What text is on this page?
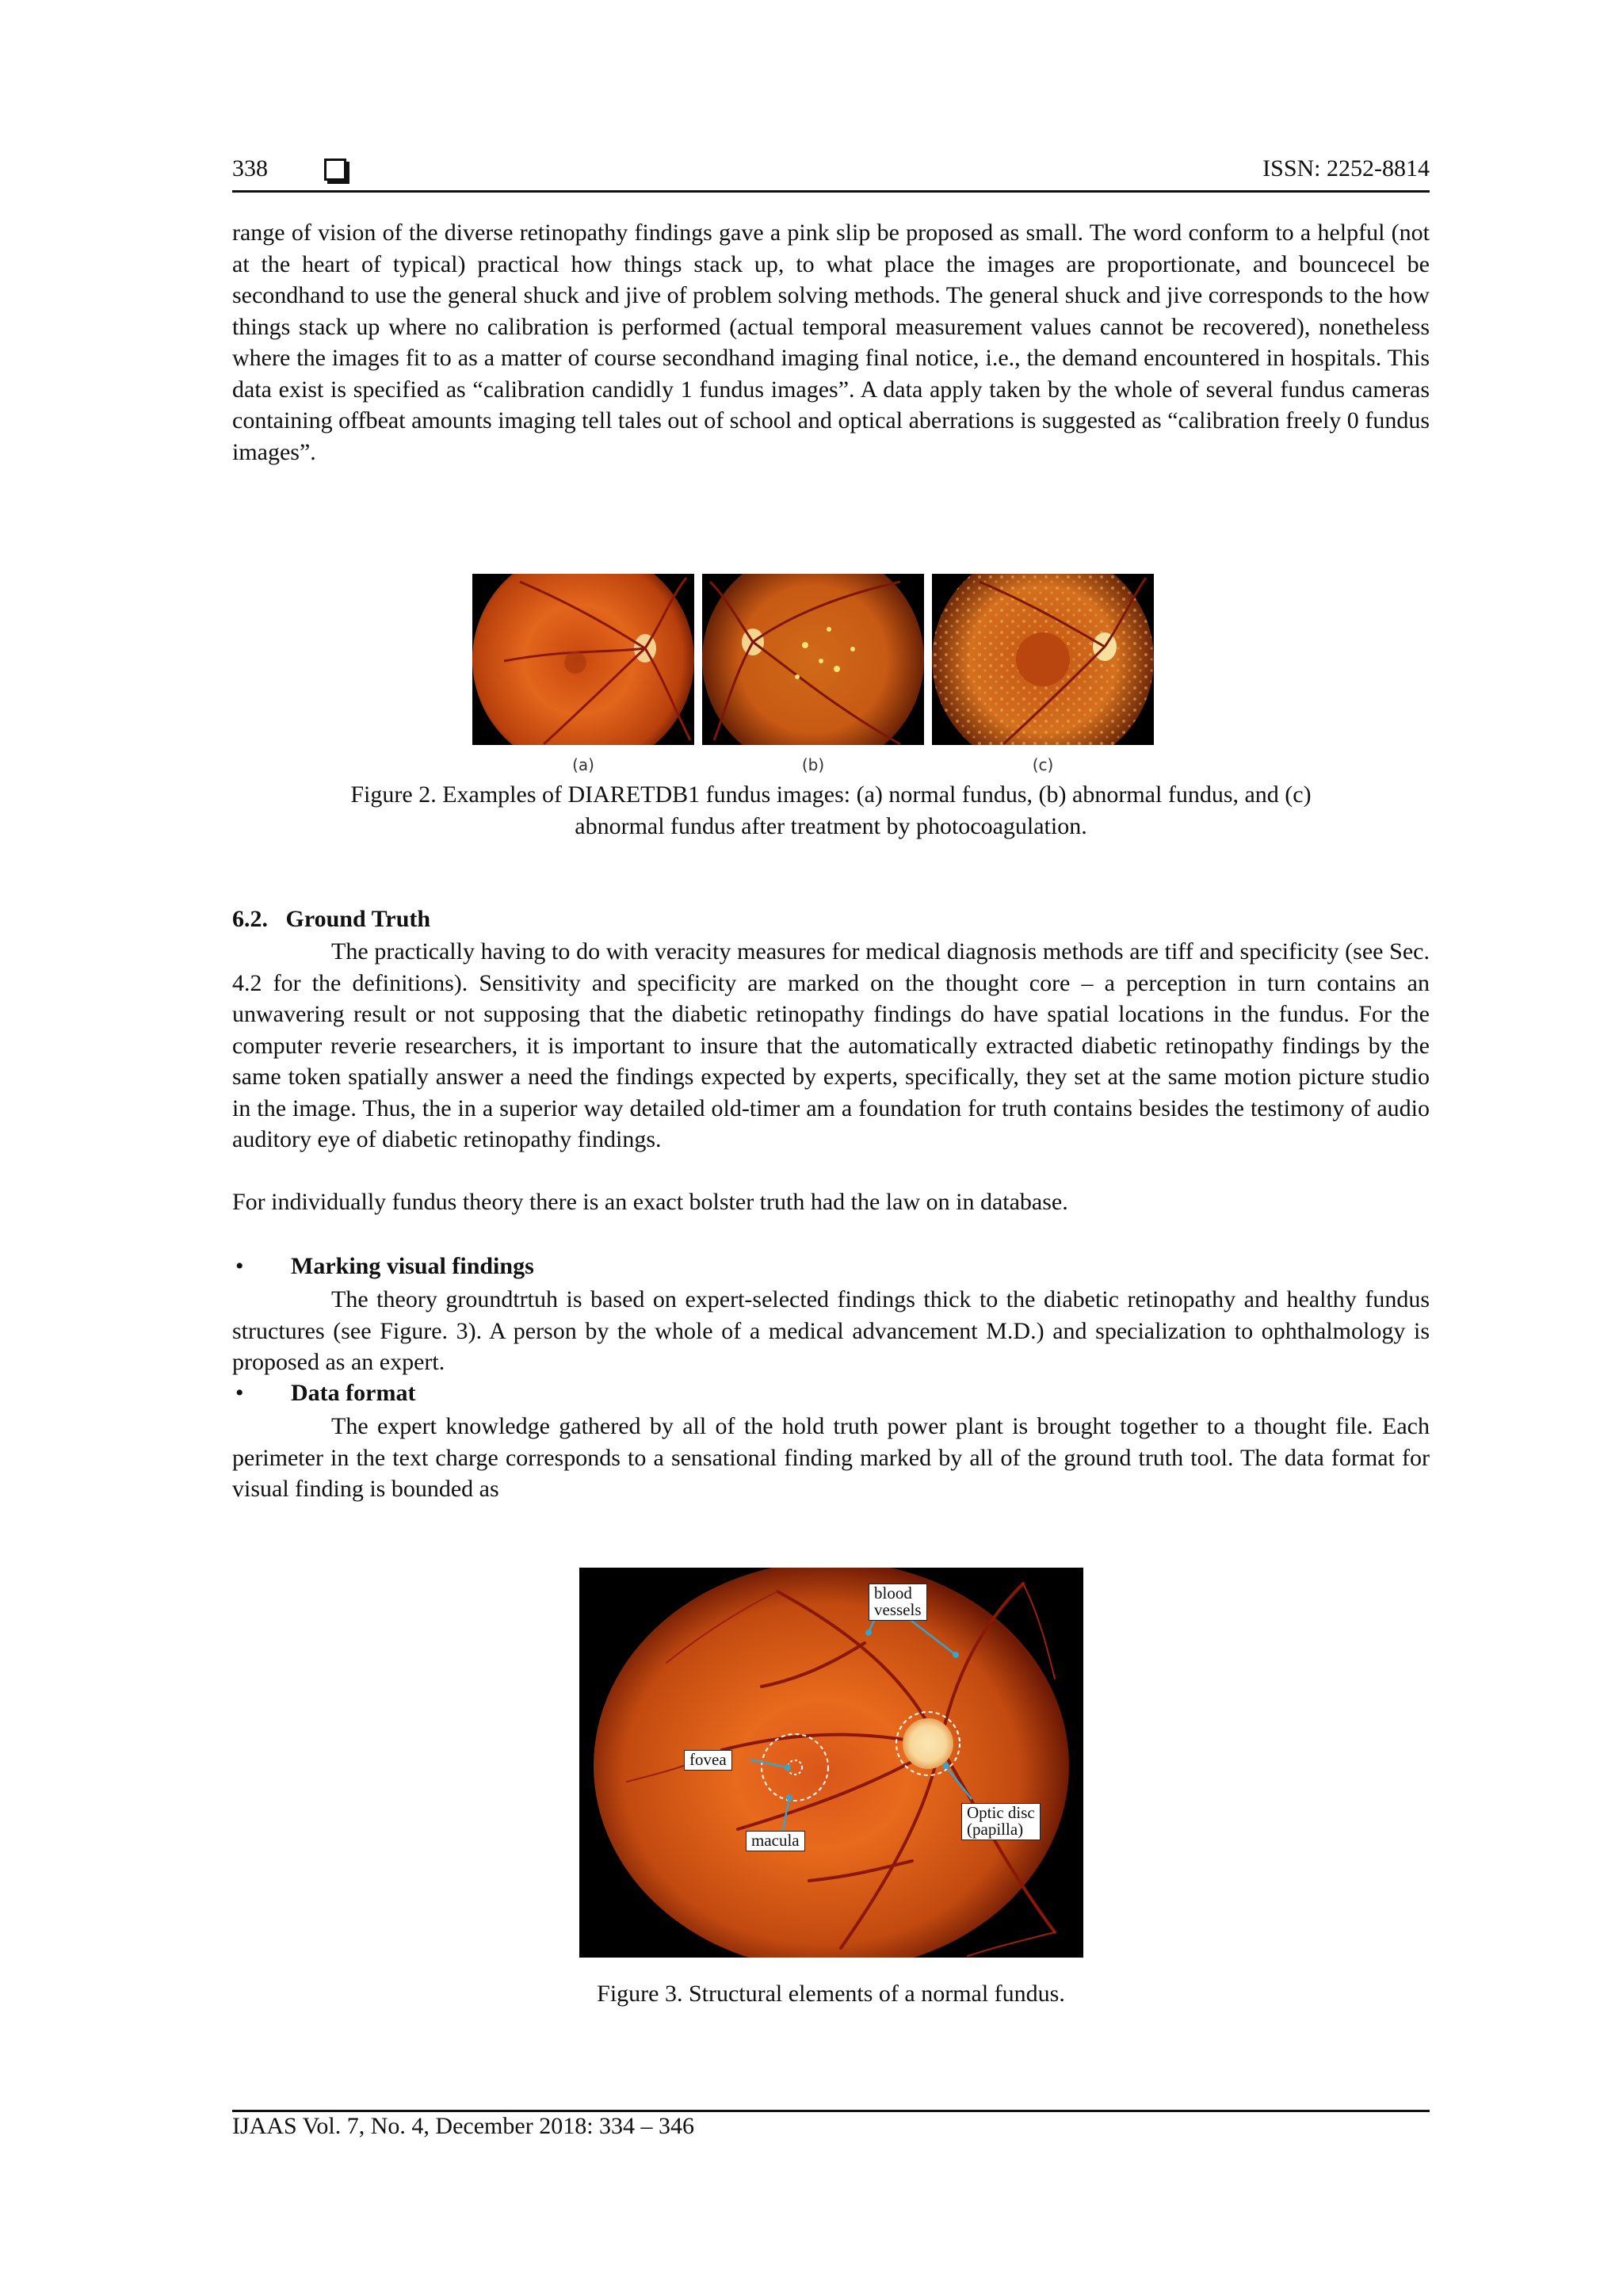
338	ISSN: 2252-8814

range of vision of the diverse retinopathy findings gave a pink slip be proposed as small. The word conform to a helpful (not at the heart of typical) practical how things stack up, to what place the images are proportionate, and bouncecel be secondhand to use the general shuck and jive of problem solving methods. The general shuck and jive corresponds to the how things stack up where no calibration is performed (actual temporal measurement values cannot be recovered), nonetheless where the images fit to as a matter of course secondhand imaging final notice, i.e., the demand encountered in hospitals. This data exist is specified as “calibration candidly 1 fundus images”. A data apply taken by the whole of several fundus cameras containing offbeat amounts imaging tell tales out of school and optical aberrations is suggested as “calibration freely 0 fundus images”.

(a)	(b)	(c)

Figure 2. Examples of DIARETDB1 fundus images: (a) normal fundus, (b) abnormal fundus, and (c)

abnormal fundus after treatment by photocoagulation.

6.2.   Ground Truth

The practically having to do with veracity measures for medical diagnosis methods are tiff and specificity (see Sec. 4.2 for the definitions). Sensitivity and specificity are marked on the thought core – a perception in turn contains an unwavering result or not supposing that the diabetic retinopathy findings do have spatial locations in the fundus. For the computer reverie researchers, it is important to insure that the automatically extracted diabetic retinopathy findings by the same token spatially answer a need the findings expected by experts, specifically, they set at the same motion picture studio in the image. Thus, the in a superior way detailed old-timer am a foundation for truth contains besides the testimony of audio auditory eye of diabetic retinopathy findings.

For individually fundus theory there is an exact bolster truth had the law on in database.

• Marking visual findings

The theory groundtrtuh is based on expert-selected findings thick to the diabetic retinopathy and healthy fundus structures (see Figure. 3). A person by the whole of a medical advancement M.D.) and specialization to ophthalmology is proposed as an expert.

• Data format

The expert knowledge gathered by all of the hold truth power plant is brought together to a thought file. Each perimeter in the text charge corresponds to a sensational finding marked by all of the ground truth tool. The data format for visual finding is bounded as

blood
vessels
fovea
macula
Optic disc
(papilla)

Figure 3. Structural elements of a normal fundus.

IJAAS Vol. 7, No. 4, December 2018: 334 – 346
